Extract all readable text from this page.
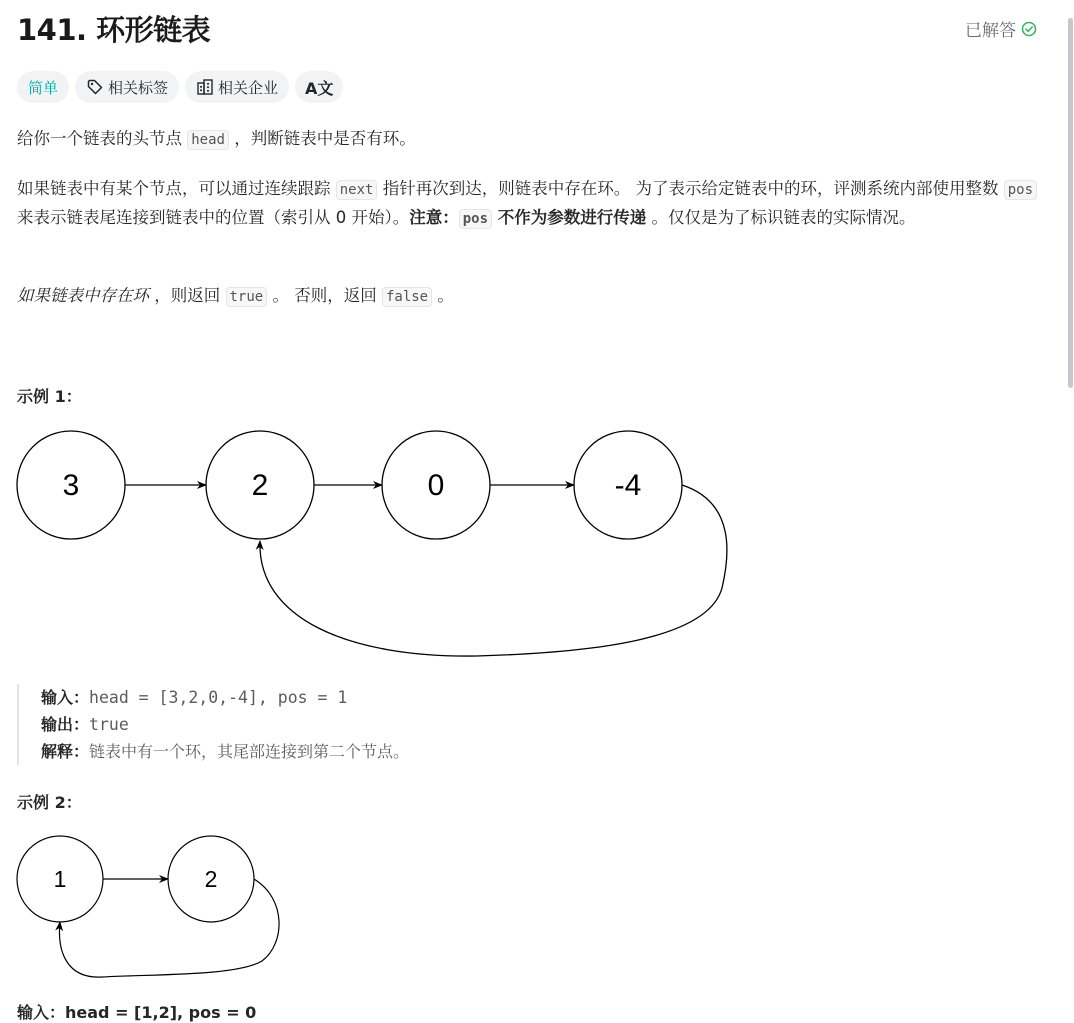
141. 环形链表	已解答
简单	相关标签	相关企业 A文

给你一个链表的头节点 head ，判断链表中是否有环。

如果链表中有某个节点，可以通过连续跟踪 next 指针再次到达，则链表中存在环。 为了表示给定链表中的环，评测系统内部使用整数 pos 来表示链表尾连接到链表中的位置（索引从 0 开始）。注意： pos 不作为参数进行传递 。仅仅是为了标识链表的实际情况。

如果链表中存在环 ，则返回 true 。 否则，返回 false 。

示例 1：

3	2	0	-4
输入：head = [3,2,0,-4], pos = 1
输出：true
解释：链表中有一个环，其尾部连接到第二个节点。

示例 2：

1	2
输入：head = [1,2], pos = 0
